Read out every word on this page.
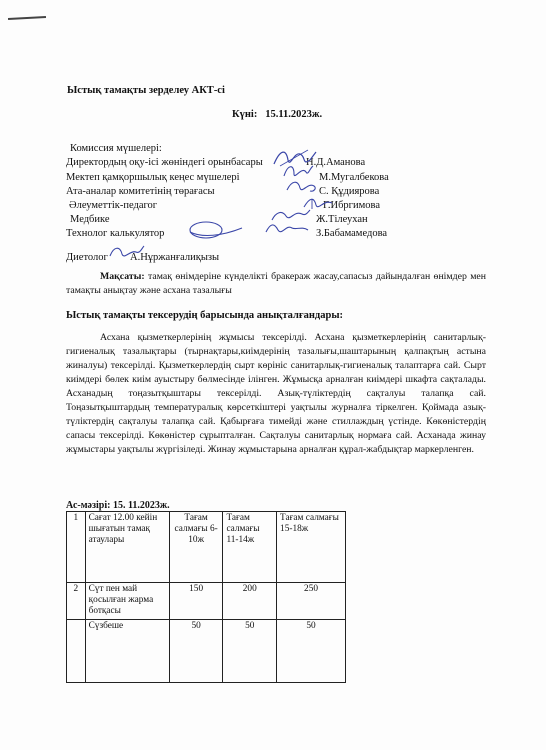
Ыстық тамақты зерделеу АКТ-сі
Күні: 15.11.2023ж.
Комиссия мүшелері:
Директордың оқу-ісі жөніндегі орынбасары	Н.Д.Аманова
Мектеп қамқоршылық кеңес мүшелері	М.Мугалбекова
Ата-аналар комитетінің төрағасы	С. Құдиярова
Әлеуметтік-педагог	Г.Ибргимова
Медбике	Ж.Тілеухан
Технолог калькулятор	З.Бабамамедова
Диетолог А.Нұржанғалиқызы
Мақсаты: тамақ өнімдеріне күнделікті бракераж жасау,сапасыз дайындалған өнімдер мен тамақты анықтау және асхана тазалығы
Ыстық тамақты тексерудің барысында анықталғандары:
Асхана қызметкерлерінің жұмысы тексерілді. Асхана қызметкерлерінің санитарлық-гигиеналық тазалықтары (тырнақтары,киімдерінің тазалығы,шаштарының қалпақтың астына жиналуы) тексерілді. Қызметкерлердің сырт көрініс санитарлық-гигиеналық талаптарға сай. Сырт киімдері бөлек киім ауыстыру бөлмесінде ілінген. Жұмысқа арналған киімдері шкафта сақталады. Асханадың тоңазытқыштары тексерілді. Азық-түліктердің сақталуы талапқа сай. Тоңазытқыштардың температуралық көрсеткіштері уақтылы журналға тіркелген. Қоймада азық-түліктердің сақталуы талапқа сай. Қабырғаға тимейді және стиллаждың үстінде. Көкөністердің сапасы тексерілді. Көкөністер сұрыпталған. Сақталуы санитарлық нормаға сай. Асханада жинау жұмыстары уақтылы жүргізіледі. Жинау жұмыстарына арналған құрал-жабдықтар маркерленген.
Ас-мәзірі: 15. 11.2023ж.
1	Сағат 12.00 кейін шығатын тамақ атаулары	Тағам салмағы 6-10ж	Тағам салмағы 11-14ж	Тағам салмағы 15-18ж
2	Сүт пен май қосылған жарма ботқасы	150	200	250
	Сүзбеше	50	50	50
